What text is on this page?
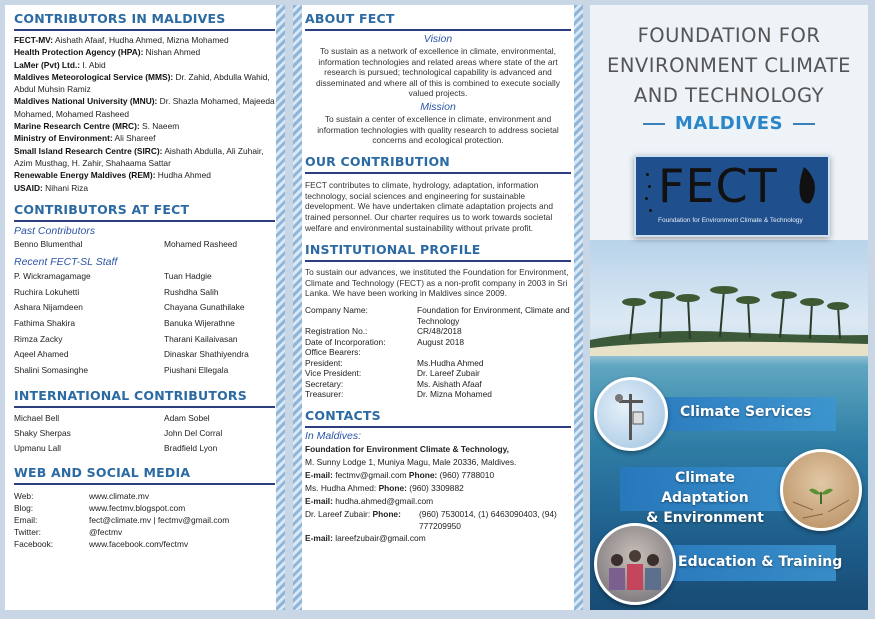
CONTRIBUTORS IN MALDIVES
FECT-MV: Aishath Afaaf, Hudha Ahmed, Mizna Mohamed
Health Protection Agency (HPA): Nishan Ahmed
LaMer (Pvt) Ltd.: I. Abid
Maldives Meteorological Service (MMS): Dr. Zahid, Abdulla Wahid, Abdul Muhsin Ramiz
Maldives National University (MNU): Dr. Shazla Mohamed, Majeeda Mohamed, Mohamed Rasheed
Marine Research Centre (MRC): S. Naeem
Ministry of Environment: Ali Shareef
Small Island Research Centre (SIRC): Aishath Abdulla, Ali Zuhair, Azim Musthag, H. Zahir, Shahaama Sattar
Renewable Energy Maldives (REM): Hudha Ahmed
USAID: Nihani Riza
CONTRIBUTORS AT FECT
Past Contributors
Benno Blumenthal	Mohamed Rasheed
Recent FECT-SL Staff
P. Wickramagamage	Tuan Hadgie
Ruchira Lokuhetti	Rushdha Salih
Ashara Nijamdeen	Chayana Gunathilake
Fathima Shakira	Banuka Wijerathne
Rimza Zacky	Tharani Kailaivasan
Aqeel Ahamed	Dinaskar Shathiyendra
Shalini Somasinghe	Piushani Ellegala
INTERNATIONAL CONTRIBUTORS
Michael Bell	Adam Sobel
Shaky Sherpas	John Del Corral
Upmanu Lall	Bradfield Lyon
WEB AND SOCIAL MEDIA
Web:	www.climate.mv
Blog:	www.fectmv.blogspot.com
Email:	fect@climate.mv | fectmv@gmail.com
Twitter:	@fectmv
Facebook:	www.facebook.com/fectmv
ABOUT FECT
Vision
To sustain as a network of excellence in climate, environmental, information technologies and related areas where state of the art research is pursued; technological capability is advanced and disseminated and where all of this is combined to execute socially valued projects.
Mission
To sustain a center of excellence in climate, environment and information technologies with quality research to address societal concerns and ecological protection.
OUR CONTRIBUTION
FECT contributes to climate, hydrology, adaptation, information technology, social sciences and engineering for sustainable development. We have undertaken climate adaptation projects and trained personnel. Our charter requires us to work towards societal welfare and environmental sustainability without private profit.
INSTITUTIONAL PROFILE
To sustain our advances, we instituted the Foundation for Environment, Climate and Technology (FECT) as a non-profit company in 2003 in Sri Lanka. We have been working in Maldives since 2009.
Company Name:	Foundation for Environment, Climate and Technology
Registration No.:	CR/48/2018
Date of Incorporation:	August 2018
Office Bearers:
President:	Ms.Hudha Ahmed
Vice President:	Dr. Lareef Zubair
Secretary:	Ms. Aishath Afaaf
Treasurer:	Dr. Mizna Mohamed
CONTACTS
In Maldives:
Foundation for Environment Climate & Technology,
M. Sunny Lodge 1, Muniya Magu, Male 20336, Maldives.
E-mail: fectmv@gmail.com Phone: (960) 7788010
Ms. Hudha Ahmed: Phone: (960) 3309882
E-mail: hudha.ahmed@gmail.com
Dr. Lareef Zubair: Phone:	(960) 7530014, (1) 6463090403, (94) 777209950
E-mail: lareefzubair@gmail.com
FOUNDATION FOR
ENVIRONMENT CLIMATE
AND TECHNOLOGY
MALDIVES
FECT
Foundation for Environment Climate & Technology
Climate Services
Climate Adaptation
& Environment
Education & Training
